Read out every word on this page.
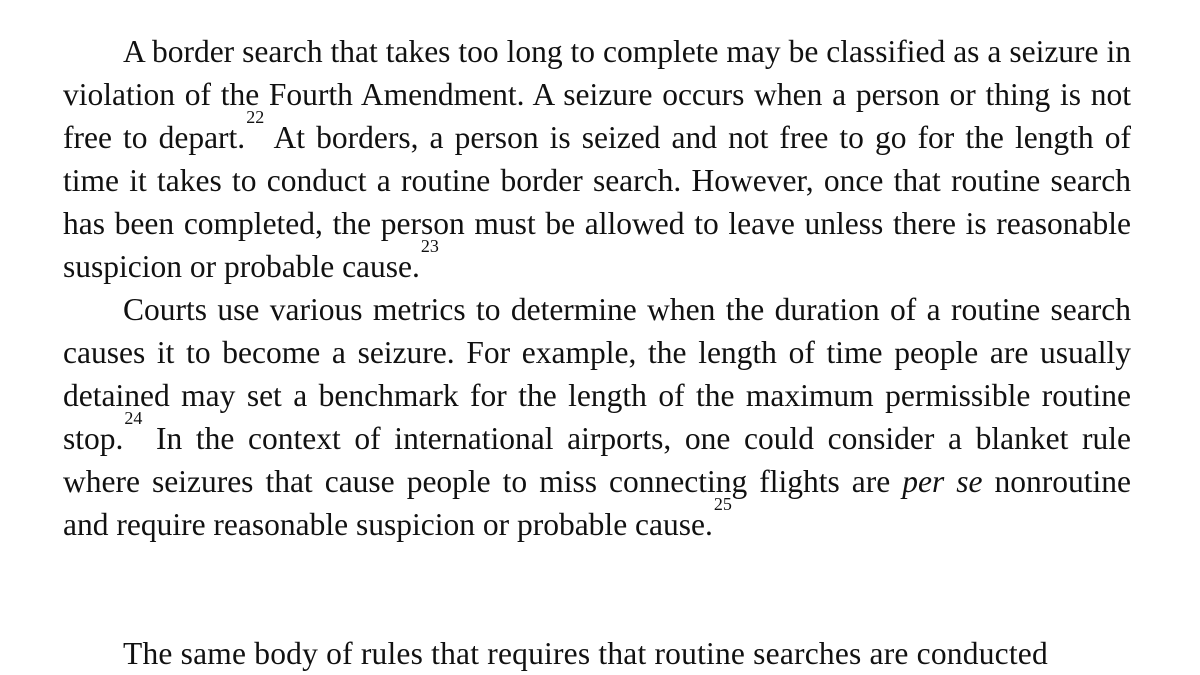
A border search that takes too long to complete may be classified as a seizure in violation of the Fourth Amendment. A seizure occurs when a person or thing is not free to depart.$^{22}$ At borders, a person is seized and not free to go for the length of time it takes to conduct a routine border search. However, once that routine search has been completed, the person must be allowed to leave unless there is reasonable suspicion or probable cause.$^{23}$

Courts use various metrics to determine when the duration of a routine search causes it to become a seizure. For example, the length of time people are usually detained may set a benchmark for the length of the maximum permissible routine stop.$^{24}$ In the context of international airports, one could consider a blanket rule where seizures that cause people to miss connecting flights are per se nonroutine and require reasonable suspicion or probable cause.$^{25}$

The same body of rules that requires that routine searches are conducted
